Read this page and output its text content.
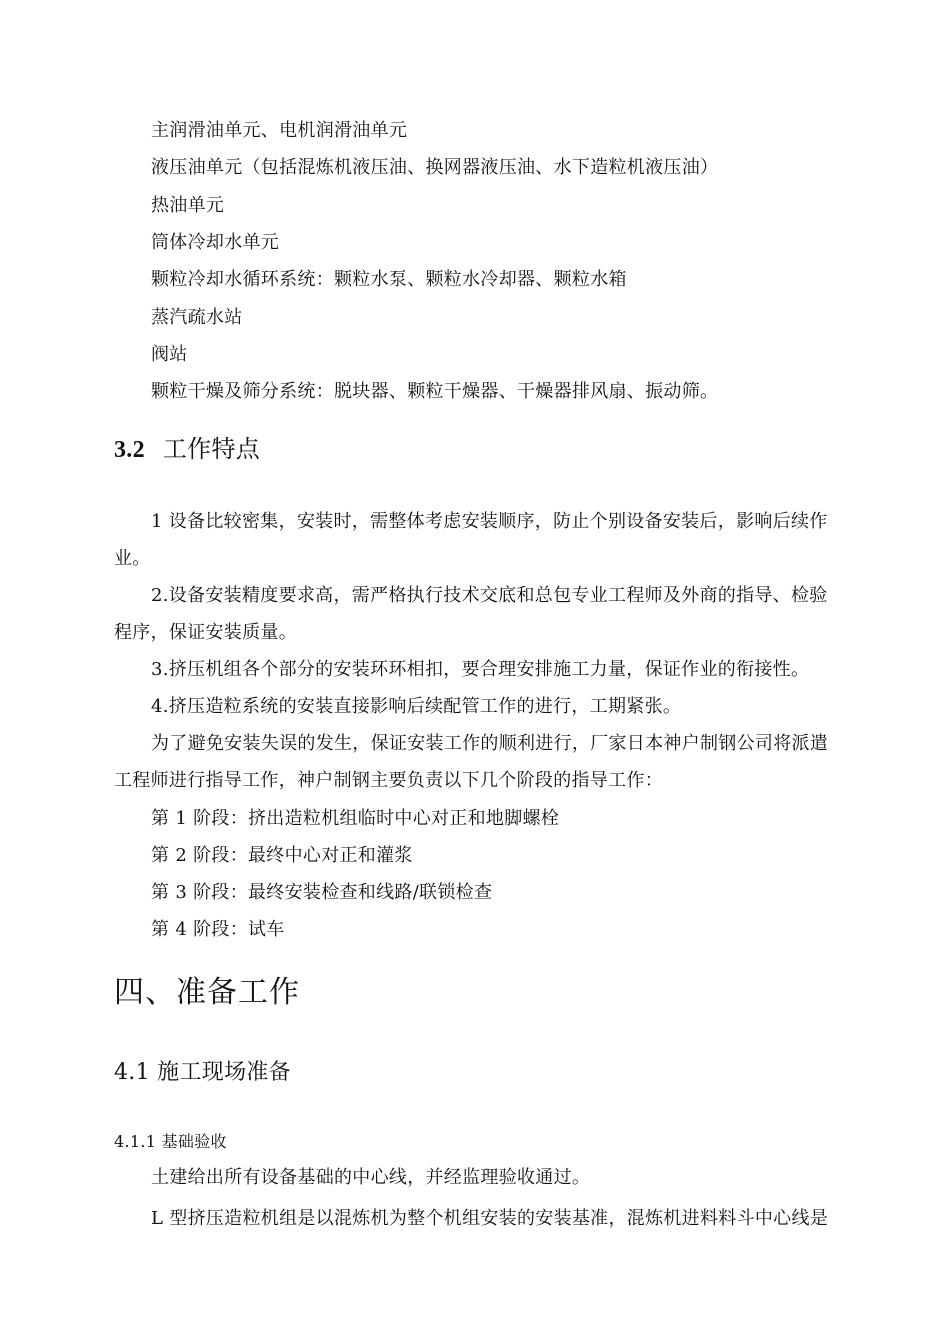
主润滑油单元、电机润滑油单元
液压油单元（包括混炼机液压油、换网器液压油、水下造粒机液压油）
热油单元
筒体冷却水单元
颗粒冷却水循环系统：颗粒水泵、颗粒水冷却器、颗粒水箱
蒸汽疏水站
阀站
颗粒干燥及筛分系统：脱块器、颗粒干燥器、干燥器排风扇、振动筛。
3.2 工作特点
1 设备比较密集，安装时，需整体考虑安装顺序，防止个别设备安装后，影响后续作
业。
2.设备安装精度要求高，需严格执行技术交底和总包专业工程师及外商的指导、检验
程序，保证安装质量。
3.挤压机组各个部分的安装环环相扣，要合理安排施工力量，保证作业的衔接性。
4.挤压造粒系统的安装直接影响后续配管工作的进行，工期紧张。
为了避免安装失误的发生，保证安装工作的顺利进行，厂家日本神户制钢公司将派遣
工程师进行指导工作，神户制钢主要负责以下几个阶段的指导工作：
第 1 阶段：挤出造粒机组临时中心对正和地脚螺栓
第 2 阶段：最终中心对正和灌浆
第 3 阶段：最终安装检查和线路/联锁检查
第 4 阶段：试车
四、准备工作
4.1 施工现场准备
4.1.1 基础验收
土建给出所有设备基础的中心线，并经监理验收通过。
L 型挤压造粒机组是以混炼机为整个机组安装的安装基准，混炼机进料料斗中心线是
